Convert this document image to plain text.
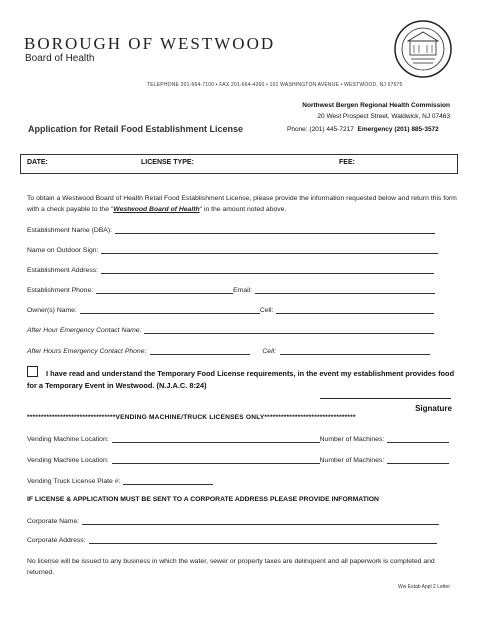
BOROUGH OF WESTWOOD
Board of Health
TELEPHONE 201-664-7100 • FAX 201-664-4260 • 101 WASHINGTON AVENUE • WESTWOOD, NJ 07675
Northwest Bergen Regional Health Commission
20 West Prospect Street, Waldwick, NJ 07463
Phone: (201) 445-7217 Emergency (201) 885-3572
Application for Retail Food Establishment License
DATE:	LICENSE TYPE:	FEE:
To obtain a Westwood Board of Health Retail Food Establishment License, please provide the information requested below and return this form with a check payable to the "Westwood Board of Health" in the amount noted above.
Establishment Name (DBA):
Name on Outdoor Sign:
Establishment Address:
Establishment Phone:	Email:
Owner(s) Name:	Cell:
After Hour Emergency Contact Name:
After Hours Emergency Contact Phone:	Cell:
I have read and understand the Temporary Food License requirements, in the event my establishment provides food for a Temporary Event in Westwood. (N.J.A.C. 8:24)
Signature
********************************VENDING MACHINE/TRUCK LICENSES ONLY*********************************
Vending Machine Location:	Number of Machines:
Vending Machine Location:	Number of Machines:
Vending Truck License Plate #:
IF LICENSE & APPLICATION MUST BE SENT TO A CORPORATE ADDRESS PLEASE PROVIDE INFORMATION
Corporate Name:
Corporate Address:
No license will be issued to any business in which the water, sewer or property taxes are delinquent and all paperwork is completed and returned.
Ww Estab Appl 2 Letter
